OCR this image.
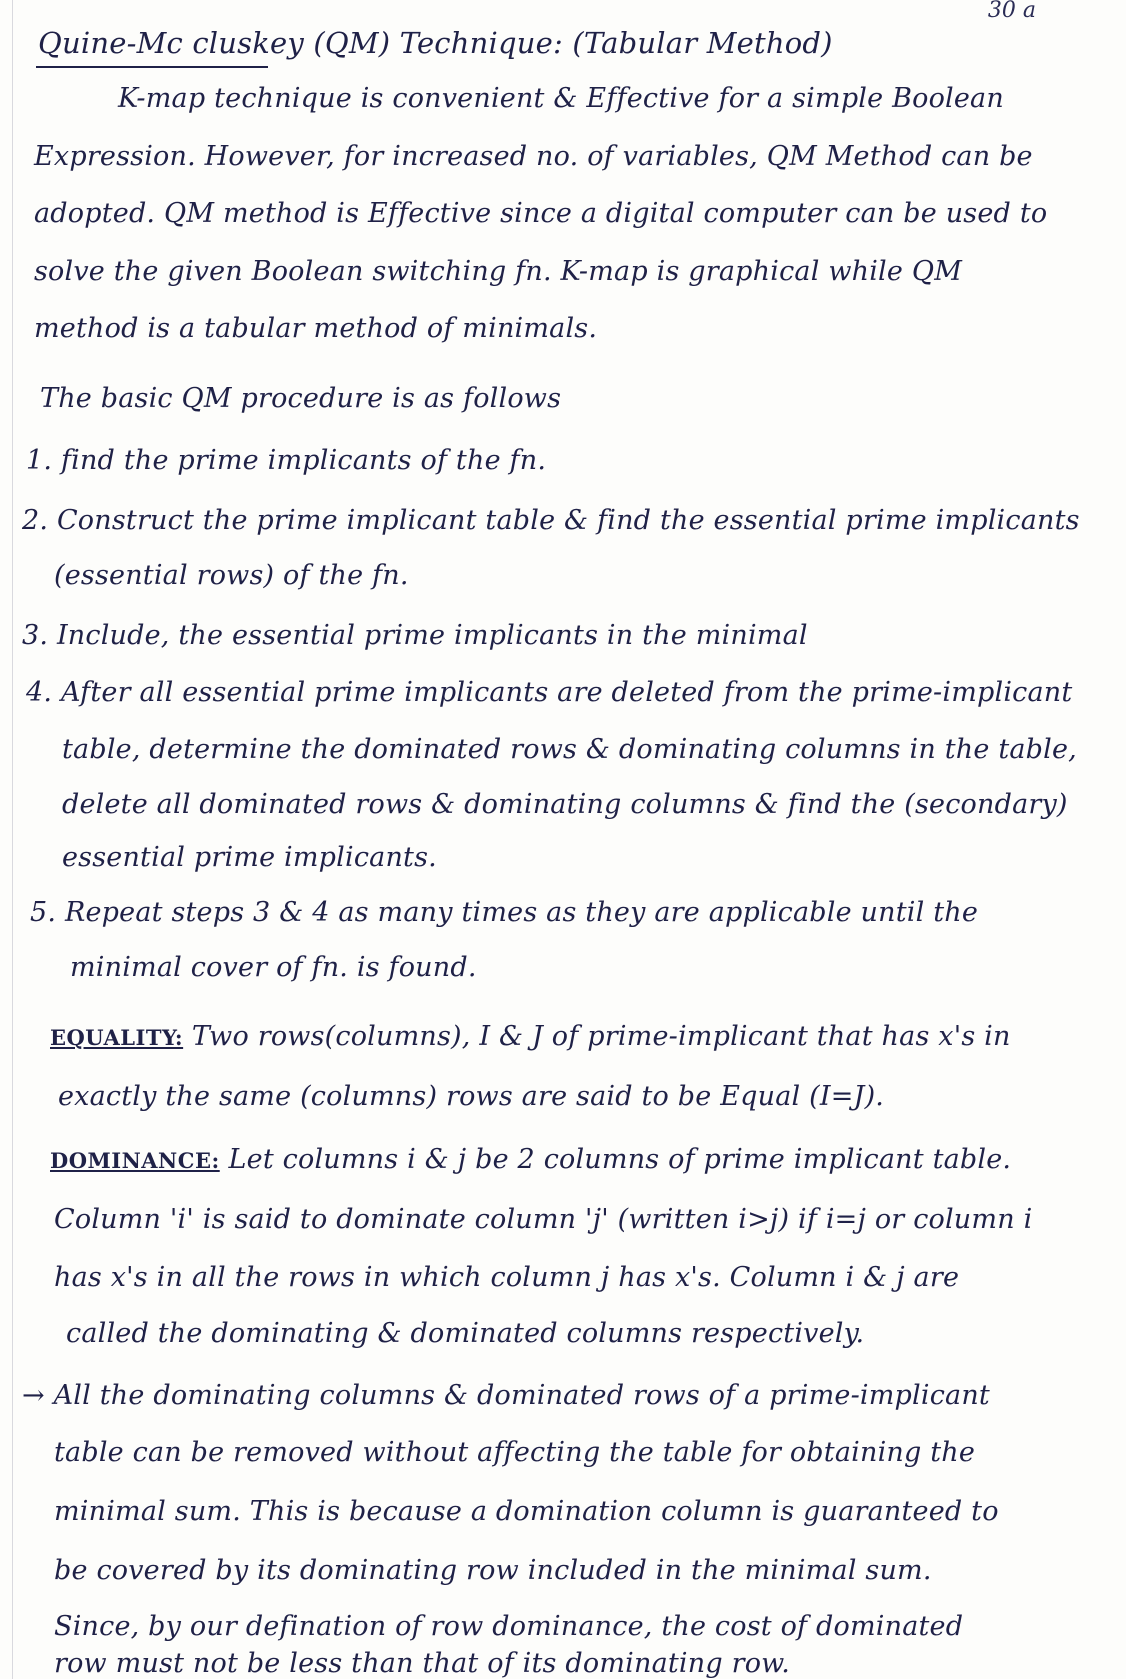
30 a
Quine-Mc cluskey (QM) Technique: (Tabular Method)
K-map technique is convenient & Effective for a simple Boolean
Expression. However, for increased no. of variables, QM Method can be
adopted. QM method is Effective since a digital computer can be used to
solve the given Boolean switching fn. K-map is graphical while QM
method is a tabular method of minimals.
The basic QM procedure is as follows
1. find the prime implicants of the fn.
2. Construct the prime implicant table & find the essential prime implicants
(essential rows) of the fn.
3. Include, the essential prime implicants in the minimal
4. After all essential prime implicants are deleted from the prime-implicant
table, determine the dominated rows & dominating columns in the table,
delete all dominated rows & dominating columns & find the (secondary)
essential prime implicants.
5. Repeat steps 3 & 4 as many times as they are applicable until the
minimal cover of fn. is found.
EQUALITY: Two rows(columns), I & J of prime-implicant that has x's in
exactly the same (columns) rows are said to be Equal (I=J).
DOMINANCE: Let columns i & j be 2 columns of prime implicant table.
Column 'i' is said to dominate column 'j' (written i>j) if i=j or column i
has x's in all the rows in which column j has x's. Column i & j are
called the dominating & dominated columns respectively.
→ All the dominating columns & dominated rows of a prime-implicant
table can be removed without affecting the table for obtaining the
minimal sum. This is because a domination column is guaranteed to
be covered by its dominating row included in the minimal sum.
Since, by our defination of row dominance, the cost of dominated
row must not be less than that of its dominating row.
